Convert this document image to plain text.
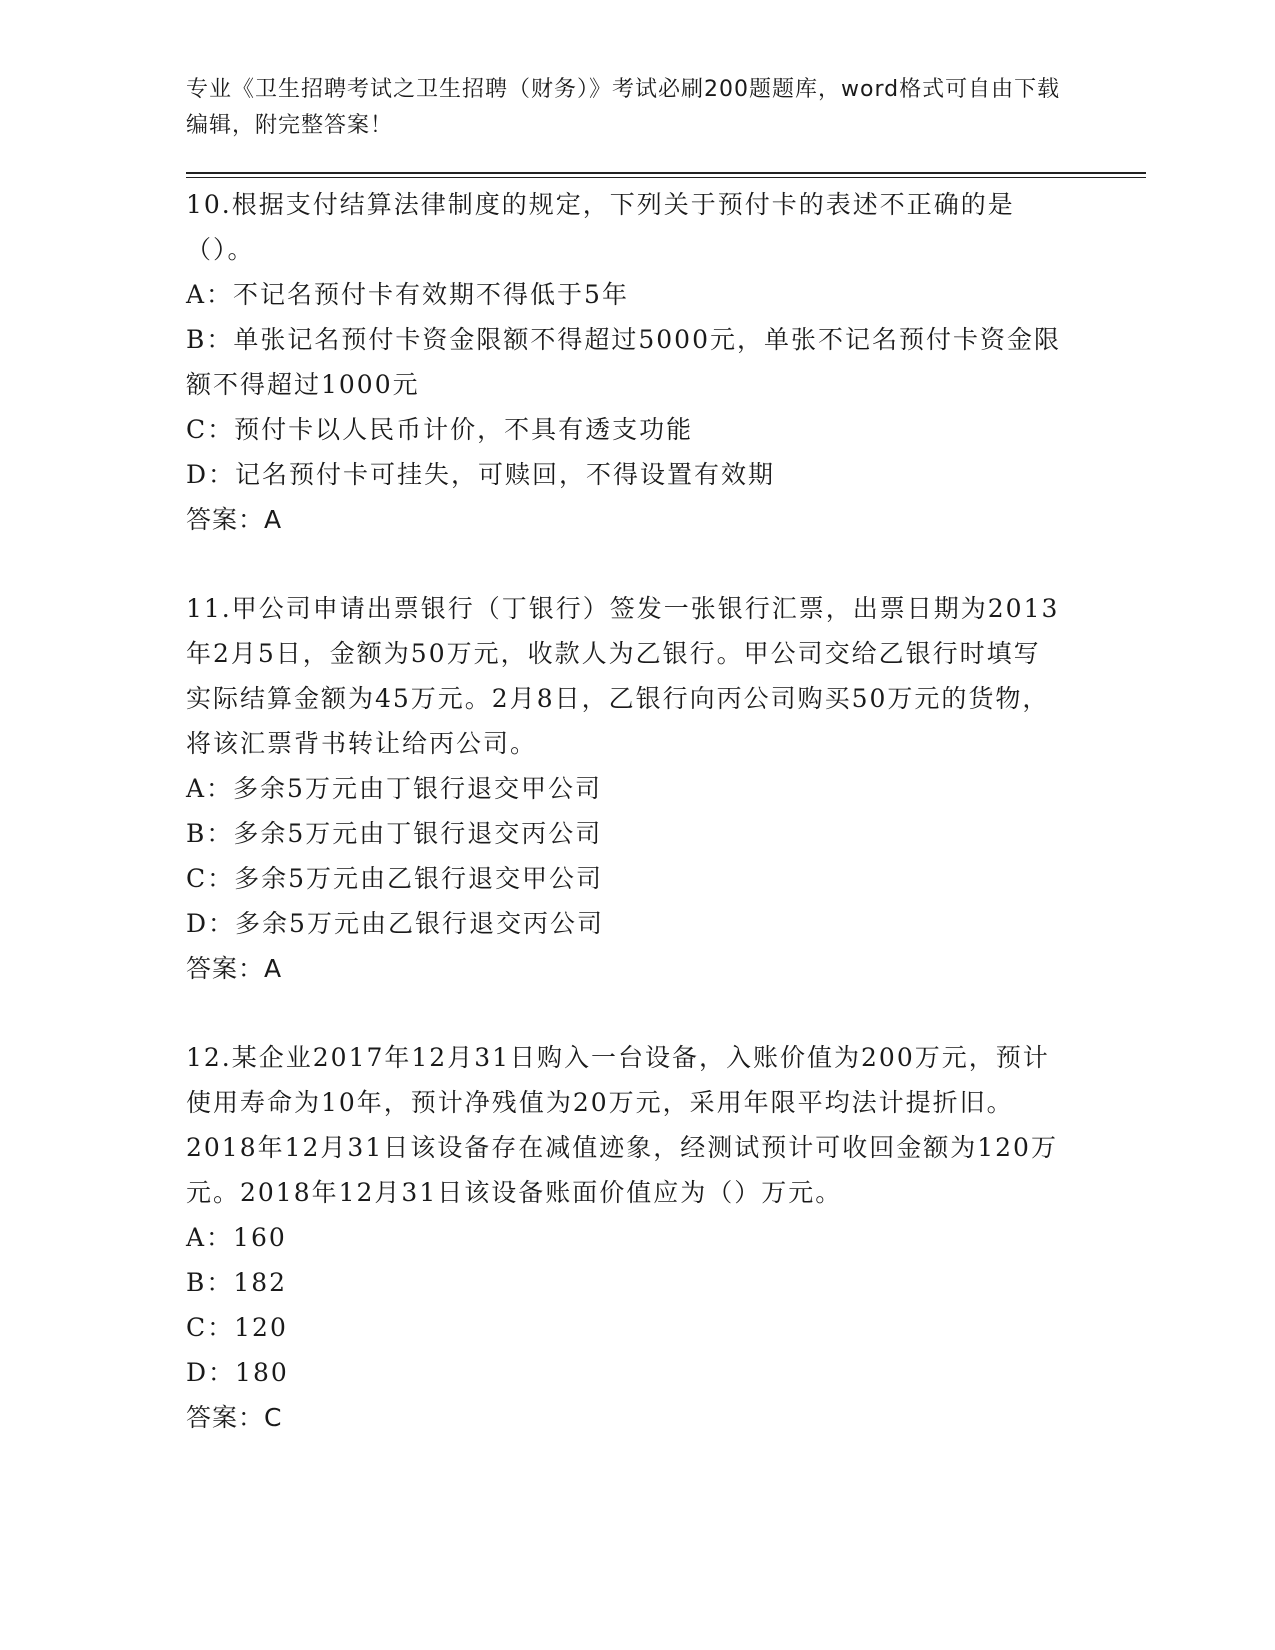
专业《卫生招聘考试之卫生招聘（财务）》考试必刷200题题库，word格式可自由下载编辑，附完整答案！
10.根据支付结算法律制度的规定，下列关于预付卡的表述不正确的是（）。
A：不记名预付卡有效期不得低于5年
B：单张记名预付卡资金限额不得超过5000元，单张不记名预付卡资金限额不得超过1000元
C：预付卡以人民币计价，不具有透支功能
D：记名预付卡可挂失，可赎回，不得设置有效期
答案：A
11.甲公司申请出票银行（丁银行）签发一张银行汇票，出票日期为2013年2月5日，金额为50万元，收款人为乙银行。甲公司交给乙银行时填写实际结算金额为45万元。2月8日，乙银行向丙公司购买50万元的货物，将该汇票背书转让给丙公司。
A：多余5万元由丁银行退交甲公司
B：多余5万元由丁银行退交丙公司
C：多余5万元由乙银行退交甲公司
D：多余5万元由乙银行退交丙公司
答案：A
12.某企业2017年12月31日购入一台设备，入账价值为200万元，预计使用寿命为10年，预计净残值为20万元，采用年限平均法计提折旧。2018年12月31日该设备存在减值迹象，经测试预计可收回金额为120万元。2018年12月31日该设备账面价值应为（）万元。
A：160
B：182
C：120
D：180
答案：C
